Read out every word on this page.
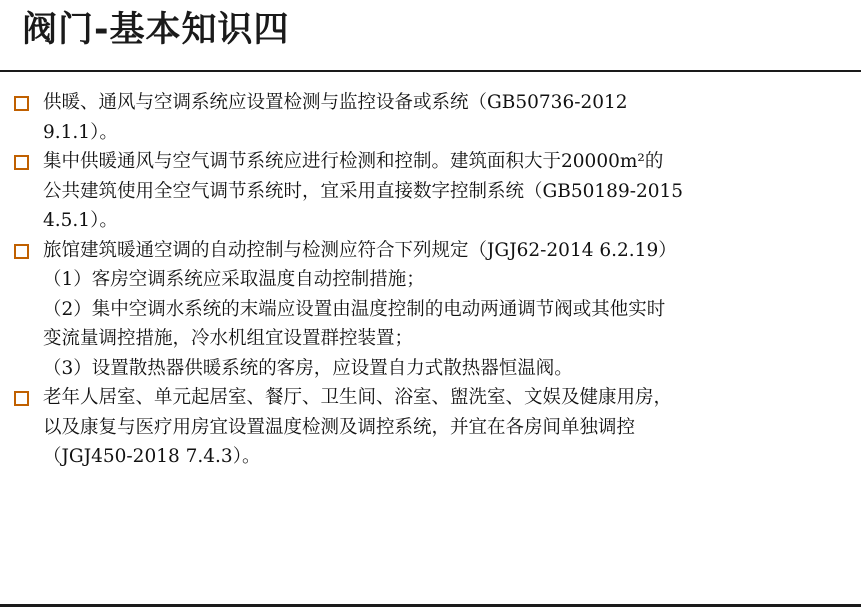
阀门-基本知识四
供暖、通风与空调系统应设置检测与监控设备或系统（GB50736-2012
9.1.1）。
集中供暖通风与空气调节系统应进行检测和控制。建筑面积大于20000m²的
公共建筑使用全空气调节系统时，宜采用直接数字控制系统（GB50189-2015
4.5.1）。
旅馆建筑暖通空调的自动控制与检测应符合下列规定（JGJ62-2014 6.2.19）
（1）客房空调系统应采取温度自动控制措施；
（2）集中空调水系统的末端应设置由温度控制的电动两通调节阀或其他实时
变流量调控措施，冷水机组宜设置群控装置；
（3）设置散热器供暖系统的客房，应设置自力式散热器恒温阀。
老年人居室、单元起居室、餐厅、卫生间、浴室、盥洗室、文娱及健康用房，
以及康复与医疗用房宜设置温度检测及调控系统，并宜在各房间单独调控
（JGJ450-2018 7.4.3）。
